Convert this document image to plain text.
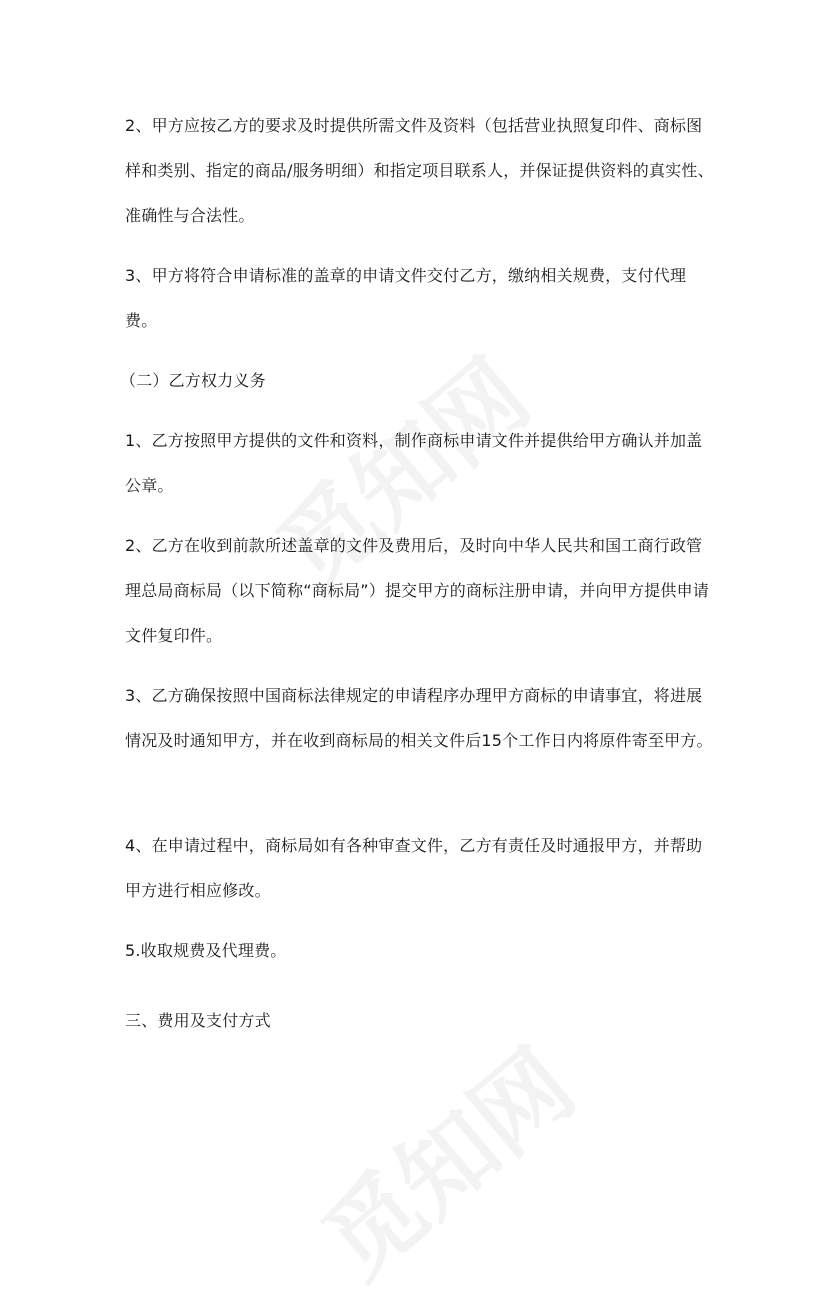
2、甲方应按乙方的要求及时提供所需文件及资料（包括营业执照复印件、商标图样和类别、指定的商品/服务明细）和指定项目联系人，并保证提供资料的真实性、准确性与合法性。

3、甲方将符合申请标准的盖章的申请文件交付乙方，缴纳相关规费，支付代理费。

（二）乙方权力义务

1、乙方按照甲方提供的文件和资料，制作商标申请文件并提供给甲方确认并加盖公章。

2、乙方在收到前款所述盖章的文件及费用后，及时向中华人民共和国工商行政管理总局商标局（以下简称“商标局”）提交甲方的商标注册申请，并向甲方提供申请文件复印件。

3、乙方确保按照中国商标法律规定的申请程序办理甲方商标的申请事宜，将进展情况及时通知甲方，并在收到商标局的相关文件后15个工作日内将原件寄至甲方。

4、在申请过程中，商标局如有各种审查文件，乙方有责任及时通报甲方，并帮助甲方进行相应修改。

5.收取规费及代理费。

三、费用及支付方式
